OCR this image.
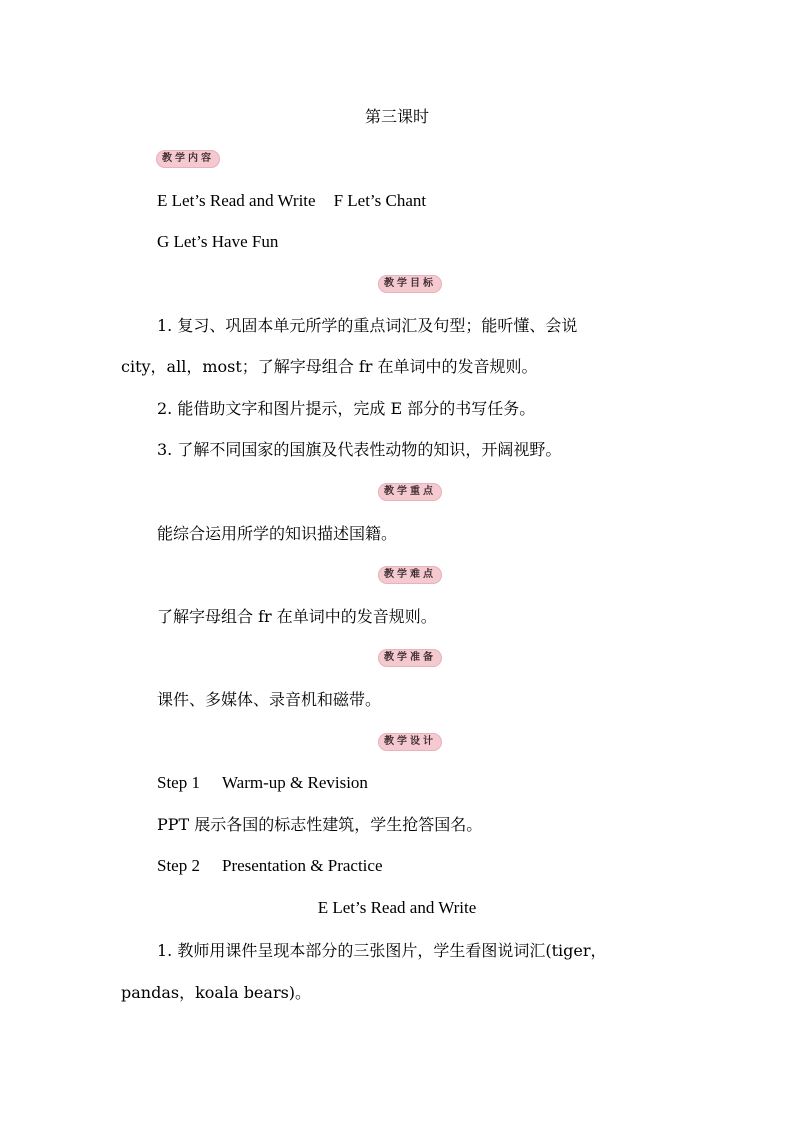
第三课时
教学内容
E Let’s Read and Write F Let’s Chant
G Let’s Have Fun
教学目标
1. 复习、巩固本单元所学的重点词汇及句型；能听懂、会说
city，all，most；了解字母组合 fr 在单词中的发音规则。
2. 能借助文字和图片提示，完成 E 部分的书写任务。
3. 了解不同国家的国旗及代表性动物的知识，开阔视野。
教学重点
能综合运用所学的知识描述国籍。
教学难点
了解字母组合 fr 在单词中的发音规则。
教学准备
课件、多媒体、录音机和磁带。
教学设计
Step 1 Warm-up & Revision
PPT 展示各国的标志性建筑，学生抢答国名。
Step 2 Presentation & Practice
E Let’s Read and Write
1. 教师用课件呈现本部分的三张图片，学生看图说词汇(tiger，
pandas，koala bears)。
